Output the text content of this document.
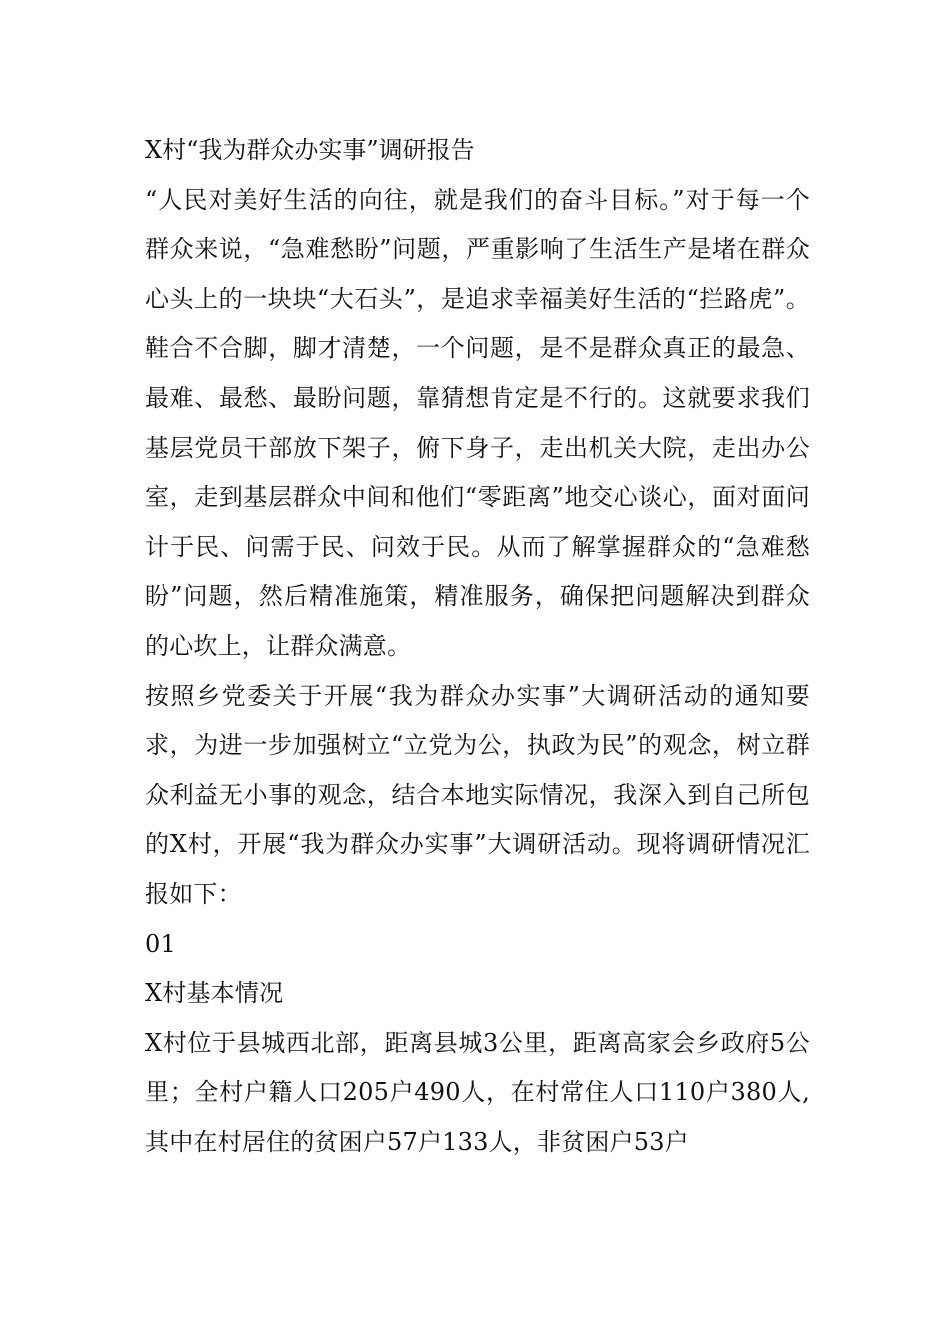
X村“我为群众办实事”调研报告

“人民对美好生活的向往，就是我们的奋斗目标。”对于每一个群众来说，“急难愁盼”问题，严重影响了生活生产是堵在群众心头上的一块块“大石头”，是追求幸福美好生活的“拦路虎”。鞋合不合脚，脚才清楚，一个问题，是不是群众真正的最急、最难、最愁、最盼问题，靠猜想肯定是不行的。这就要求我们基层党员干部放下架子，俯下身子，走出机关大院，走出办公室，走到基层群众中间和他们“零距离”地交心谈心，面对面问计于民、问需于民、问效于民。从而了解掌握群众的“急难愁盼”问题，然后精准施策，精准服务，确保把问题解决到群众的心坎上，让群众满意。

按照乡党委关于开展“我为群众办实事”大调研活动的通知要求，为进一步加强树立“立党为公，执政为民”的观念，树立群众利益无小事的观念，结合本地实际情况，我深入到自己所包的X村，开展“我为群众办实事”大调研活动。现将调研情况汇报如下：

01

X村基本情况

X村位于县城西北部，距离县城3公里，距离高家会乡政府5公里；全村户籍人口205户490人，在村常住人口110户380人,其中在村居住的贫困户57户133人，非贫困户53户
